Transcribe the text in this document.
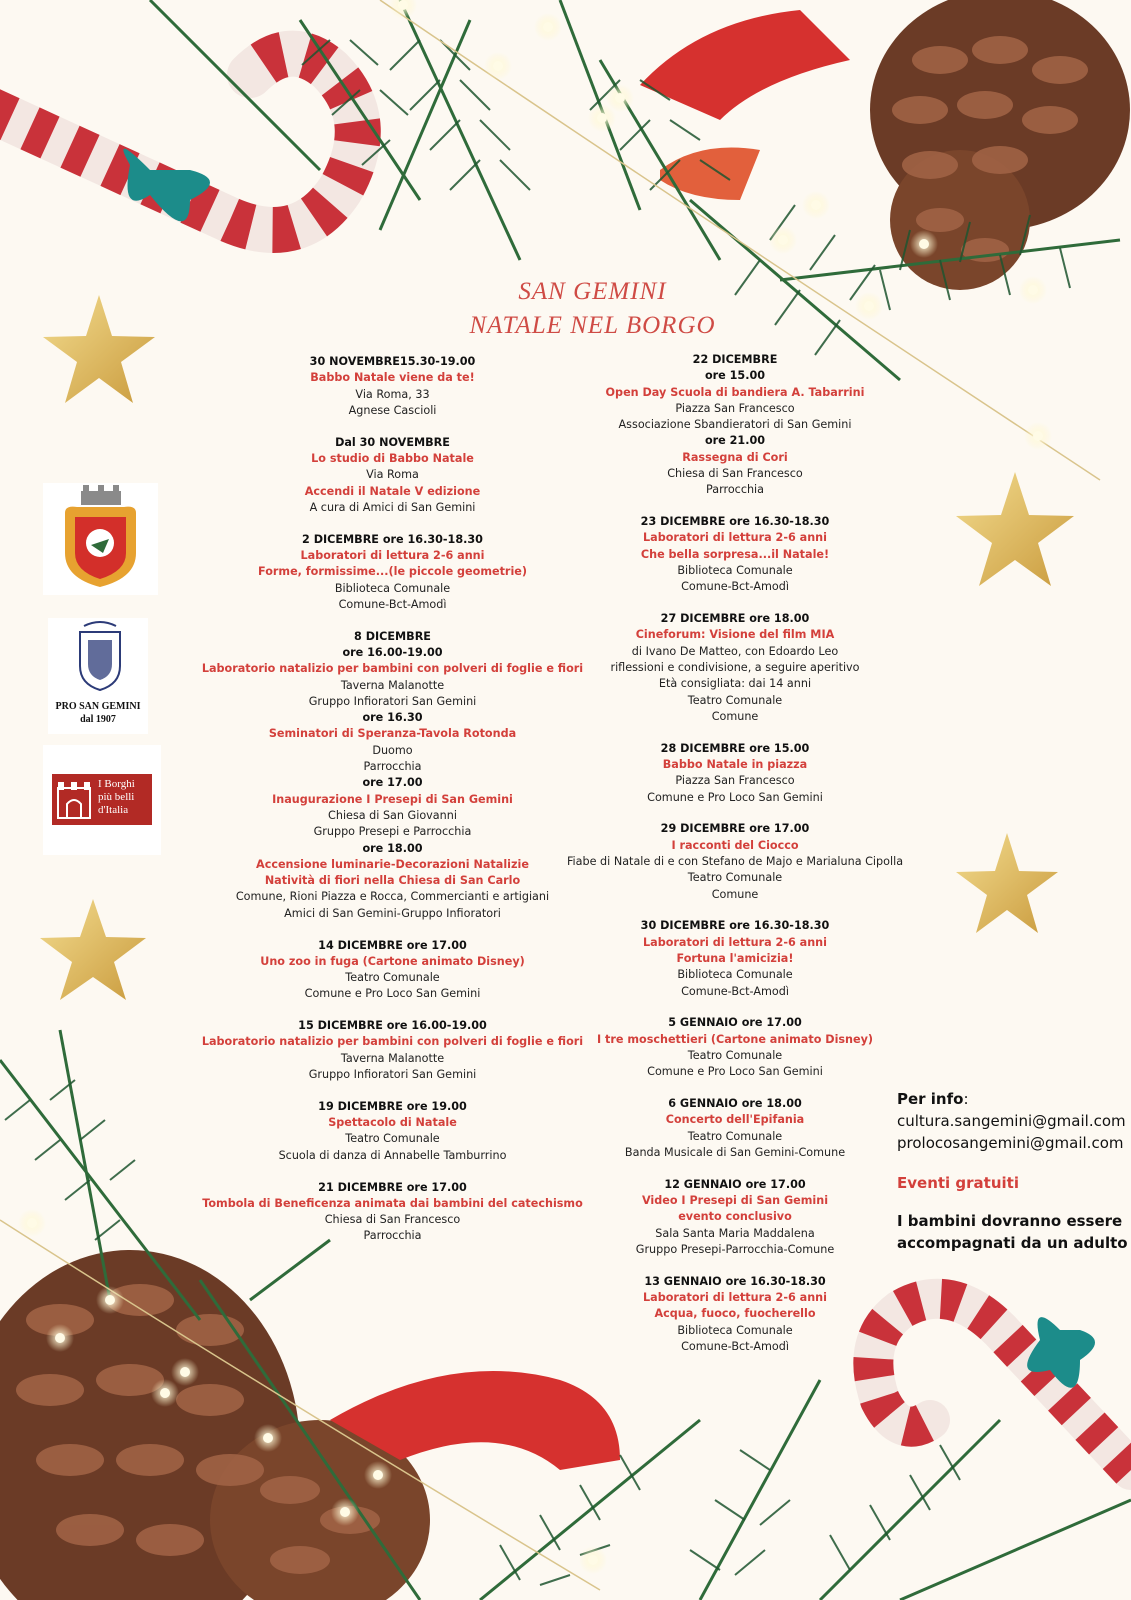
SAN GEMINI
NATALE NEL BORGO
PRO SAN GEMINI
dal 1907
I Borghi
più belli
d'Italia
30 NOVEMBRE15.30-19.00
Babbo Natale viene da te!
Via Roma, 33
Agnese Cascioli
Dal 30 NOVEMBRE
Lo studio di Babbo Natale
Via Roma
Accendi il Natale V edizione
A cura di Amici di San Gemini
2 DICEMBRE ore 16.30-18.30
Laboratori di lettura 2-6 anni
Forme, formissime...(le piccole geometrie)
Biblioteca Comunale
Comune-Bct-Amodì
8 DICEMBRE
ore 16.00-19.00
Laboratorio natalizio per bambini con polveri di foglie e fiori
Taverna Malanotte
Gruppo Infioratori San Gemini
ore 16.30
Seminatori di Speranza-Tavola Rotonda
Duomo
Parrocchia
ore 17.00
Inaugurazione I Presepi di San Gemini
Chiesa di San Giovanni
Gruppo Presepi e Parrocchia
ore 18.00
Accensione luminarie-Decorazioni Natalizie
Natività di fiori nella Chiesa di San Carlo
Comune, Rioni Piazza e Rocca, Commercianti e artigiani
Amici di San Gemini-Gruppo Infioratori
14 DICEMBRE ore 17.00
Uno zoo in fuga (Cartone animato Disney)
Teatro Comunale
Comune e Pro Loco San Gemini
15 DICEMBRE ore 16.00-19.00
Laboratorio natalizio per bambini con polveri di foglie e fiori
Taverna Malanotte
Gruppo Infioratori San Gemini
19 DICEMBRE ore 19.00
Spettacolo di Natale
Teatro Comunale
Scuola di danza di Annabelle Tamburrino
21 DICEMBRE ore 17.00
Tombola di Beneficenza animata dai bambini del catechismo
Chiesa di San Francesco
Parrocchia
22 DICEMBRE
ore 15.00
Open Day Scuola di bandiera A. Tabarrini
Piazza San Francesco
Associazione Sbandieratori di San Gemini
ore 21.00
Rassegna di Cori
Chiesa di San Francesco
Parrocchia
23 DICEMBRE ore 16.30-18.30
Laboratori di lettura 2-6 anni
Che bella sorpresa...il Natale!
Biblioteca Comunale
Comune-Bct-Amodì
27 DICEMBRE ore 18.00
Cineforum: Visione del film MIA
di Ivano De Matteo, con Edoardo Leo
riflessioni e condivisione, a seguire aperitivo
Età consigliata: dai 14 anni
Teatro Comunale
Comune
28 DICEMBRE ore 15.00
Babbo Natale in piazza
Piazza San Francesco
Comune e Pro Loco San Gemini
29 DICEMBRE ore 17.00
I racconti del Ciocco
Fiabe di Natale di e con Stefano de Majo e Marialuna Cipolla
Teatro Comunale
Comune
30 DICEMBRE ore 16.30-18.30
Laboratori di lettura 2-6 anni
Fortuna l'amicizia!
Biblioteca Comunale
Comune-Bct-Amodì
5 GENNAIO ore 17.00
I tre moschettieri (Cartone animato Disney)
Teatro Comunale
Comune e Pro Loco San Gemini
6 GENNAIO ore 18.00
Concerto dell'Epifania
Teatro Comunale
Banda Musicale di San Gemini-Comune
12 GENNAIO ore 17.00
Video I Presepi di San Gemini
evento conclusivo
Sala Santa Maria Maddalena
Gruppo Presepi-Parrocchia-Comune
13 GENNAIO ore 16.30-18.30
Laboratori di lettura 2-6 anni
Acqua, fuoco, fuocherello
Biblioteca Comunale
Comune-Bct-Amodì
Per info:
cultura.sangemini@gmail.com
prolocosangemini@gmail.com
Eventi gratuiti
I bambini dovranno essere
accompagnati da un adulto
